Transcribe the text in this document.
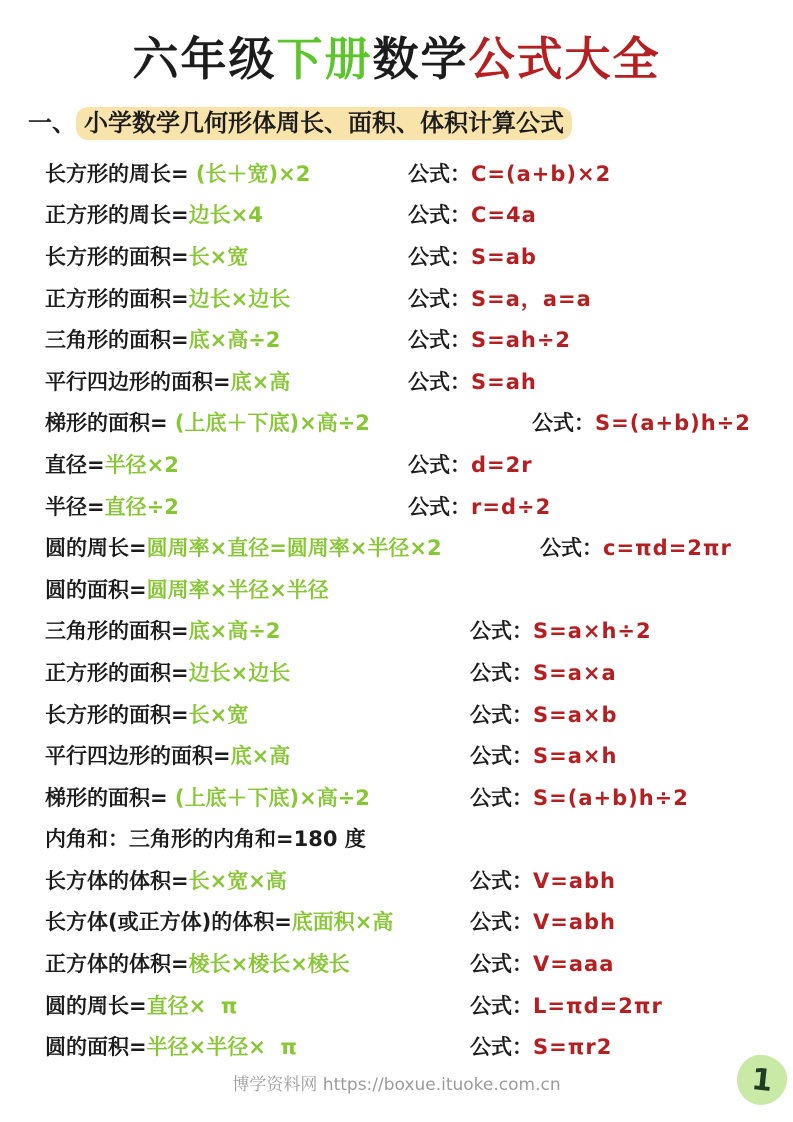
六年级下册数学公式大全
一、 小学数学几何形体周长、面积、体积计算公式
长方形的周长= (长＋宽)×2	公式：C=(a+b)×2
正方形的周长=边长×4	公式：C=4a
长方形的面积=长×宽	公式：S=ab
正方形的面积=边长×边长	公式：S=a，a=a
三角形的面积=底×高÷2	公式：S=ah÷2
平行四边形的面积=底×高	公式：S=ah
梯形的面积= (上底＋下底)×高÷2	公式：S=(a+b)h÷2
直径=半径×2	公式：d=2r
半径=直径÷2	公式：r=d÷2
圆的周长=圆周率×直径=圆周率×半径×2	公式：c=πd=2πr
圆的面积=圆周率×半径×半径
三角形的面积=底×高÷2	公式：S=a×h÷2
正方形的面积=边长×边长	公式：S=a×a
长方形的面积=长×宽	公式：S=a×b
平行四边形的面积=底×高	公式：S=a×h
梯形的面积= (上底＋下底)×高÷2	公式：S=(a+b)h÷2
内角和：三角形的内角和=180 度
长方体的体积=长×宽×高	公式：V=abh
长方体(或正方体)的体积=底面积×高	公式：V=abh
正方体的体积=棱长×棱长×棱长	公式：V=aaa
圆的周长=直径×  π	公式：L=πd=2πr
圆的面积=半径×半径×  π	公式：S=πr2
博学资料网 https://boxue.ituoke.com.cn	1
